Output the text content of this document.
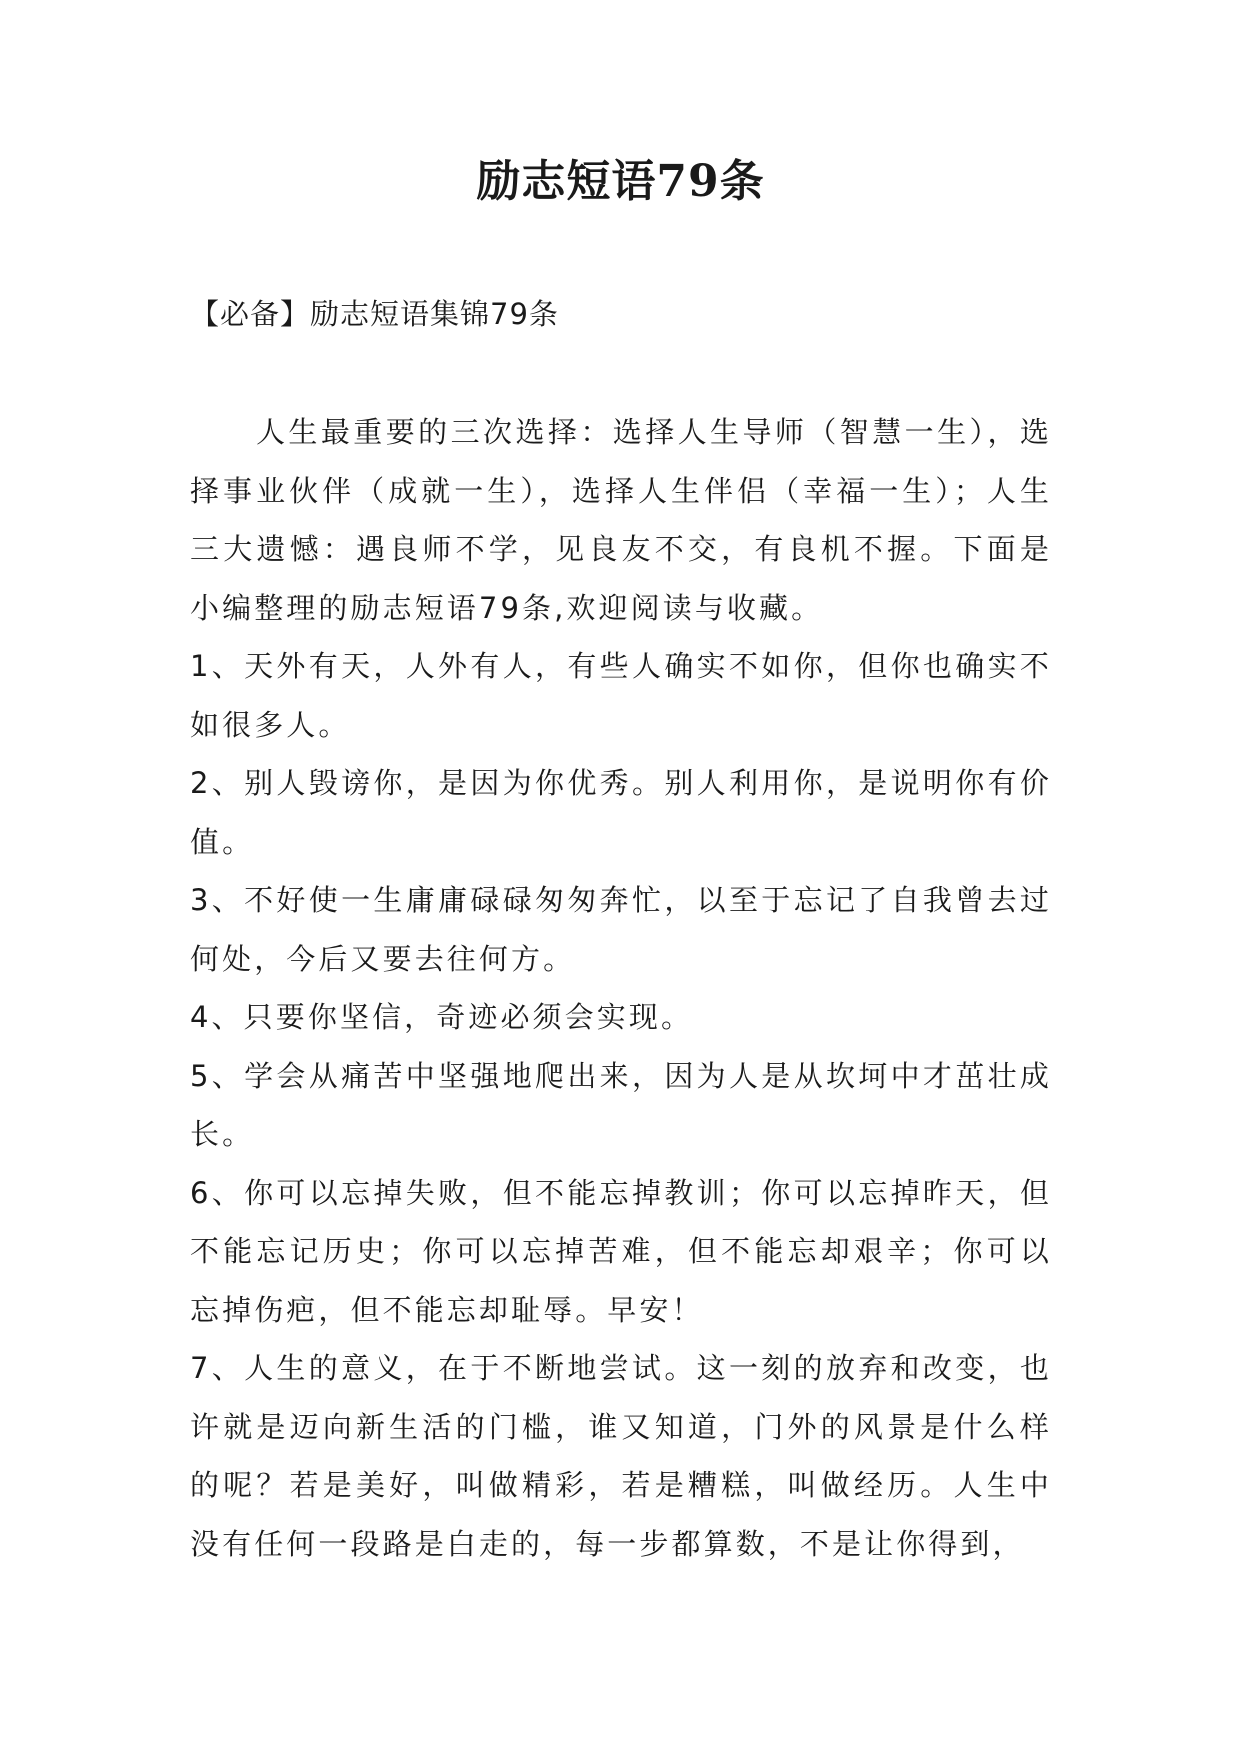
励志短语79条

【必备】励志短语集锦79条

人生最重要的三次选择：选择人生导师（智慧一生），选择事业伙伴（成就一生），选择人生伴侣（幸福一生）；人生三大遗憾：遇良师不学，见良友不交，有良机不握。下面是小编整理的励志短语79条,欢迎阅读与收藏。

1、天外有天，人外有人，有些人确实不如你，但你也确实不如很多人。

2、别人毁谤你，是因为你优秀。别人利用你，是说明你有价值。

3、不好使一生庸庸碌碌匆匆奔忙，以至于忘记了自我曾去过何处，今后又要去往何方。

4、只要你坚信，奇迹必须会实现。

5、学会从痛苦中坚强地爬出来，因为人是从坎坷中才茁壮成长。

6、你可以忘掉失败，但不能忘掉教训；你可以忘掉昨天，但不能忘记历史；你可以忘掉苦难，但不能忘却艰辛；你可以忘掉伤疤，但不能忘却耻辱。早安！

7、人生的意义，在于不断地尝试。这一刻的放弃和改变，也许就是迈向新生活的门槛，谁又知道，门外的风景是什么样的呢？若是美好，叫做精彩，若是糟糕，叫做经历。人生中没有任何一段路是白走的，每一步都算数，不是让你得到，
